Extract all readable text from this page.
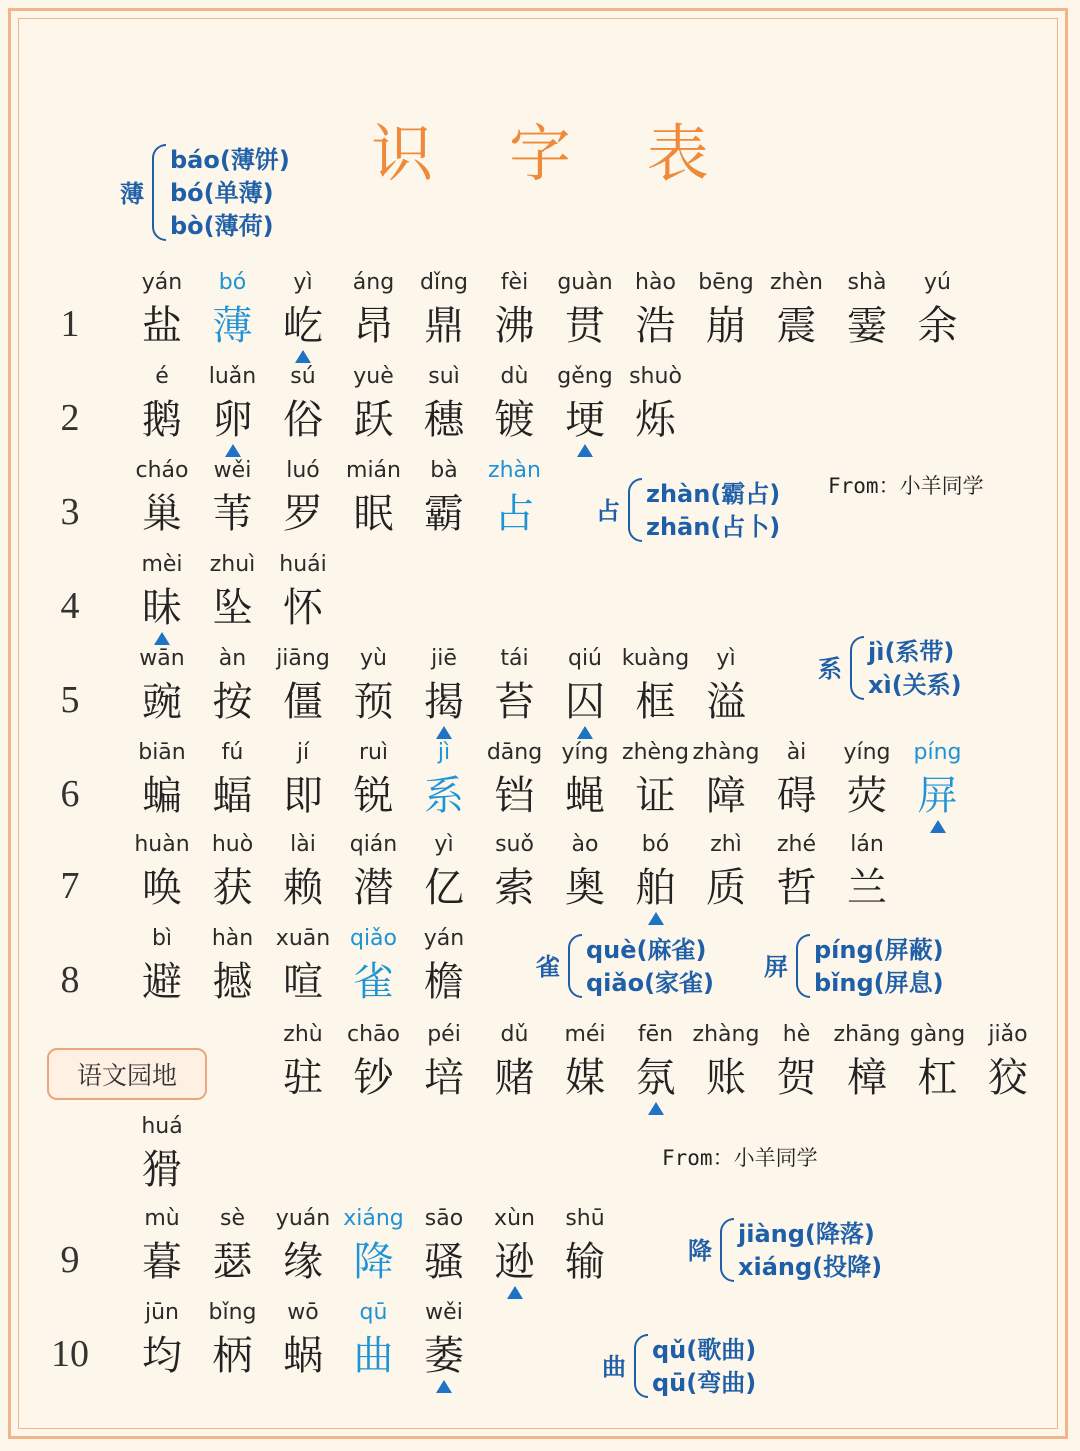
识 字 表
语文园地
1
yán
盐
bó
薄
yì
屹
áng
昂
dǐng
鼎
fèi
沸
guàn
贯
hào
浩
bēng
崩
zhèn
震
shà
霎
yú
余
2
é
鹅
luǎn
卵
sú
俗
yuè
跃
suì
穗
dù
镀
gěng
埂
shuò
烁
3
cháo
巢
wěi
苇
luó
罗
mián
眠
bà
霸
zhàn
占
4
mèi
昧
zhuì
坠
huái
怀
5
wān
豌
àn
按
jiāng
僵
yù
预
jiē
揭
tái
苔
qiú
囚
kuàng
框
yì
溢
6
biān
蝙
fú
蝠
jí
即
ruì
锐
jì
系
dāng
铛
yíng
蝇
zhèng
证
zhàng
障
ài
碍
yíng
荧
píng
屏
7
huàn
唤
huò
获
lài
赖
qián
潜
yì
亿
suǒ
索
ào
奥
bó
舶
zhì
质
zhé
哲
lán
兰
8
bì
避
hàn
撼
xuān
喧
qiǎo
雀
yán
檐
zhù
驻
chāo
钞
péi
培
dǔ
赌
méi
媒
fēn
氛
zhàng
账
hè
贺
zhāng
樟
gàng
杠
jiǎo
狡
huá
猾
9
mù
暮
sè
瑟
yuán
缘
xiáng
降
sāo
骚
xùn
逊
shū
输
10
jūn
均
bǐng
柄
wō
蜗
qū
曲
wěi
萎
薄
báo(薄饼)
bó(单薄)
bò(薄荷)
占
zhàn(霸占)
zhān(占卜)
系
jì(系带)
xì(关系)
雀
què(麻雀)
qiǎo(家雀)
屏
píng(屏蔽)
bǐng(屏息)
降
jiàng(降落)
xiáng(投降)
曲
qǔ(歌曲)
qū(弯曲)
From：小羊同学
From：小羊同学
